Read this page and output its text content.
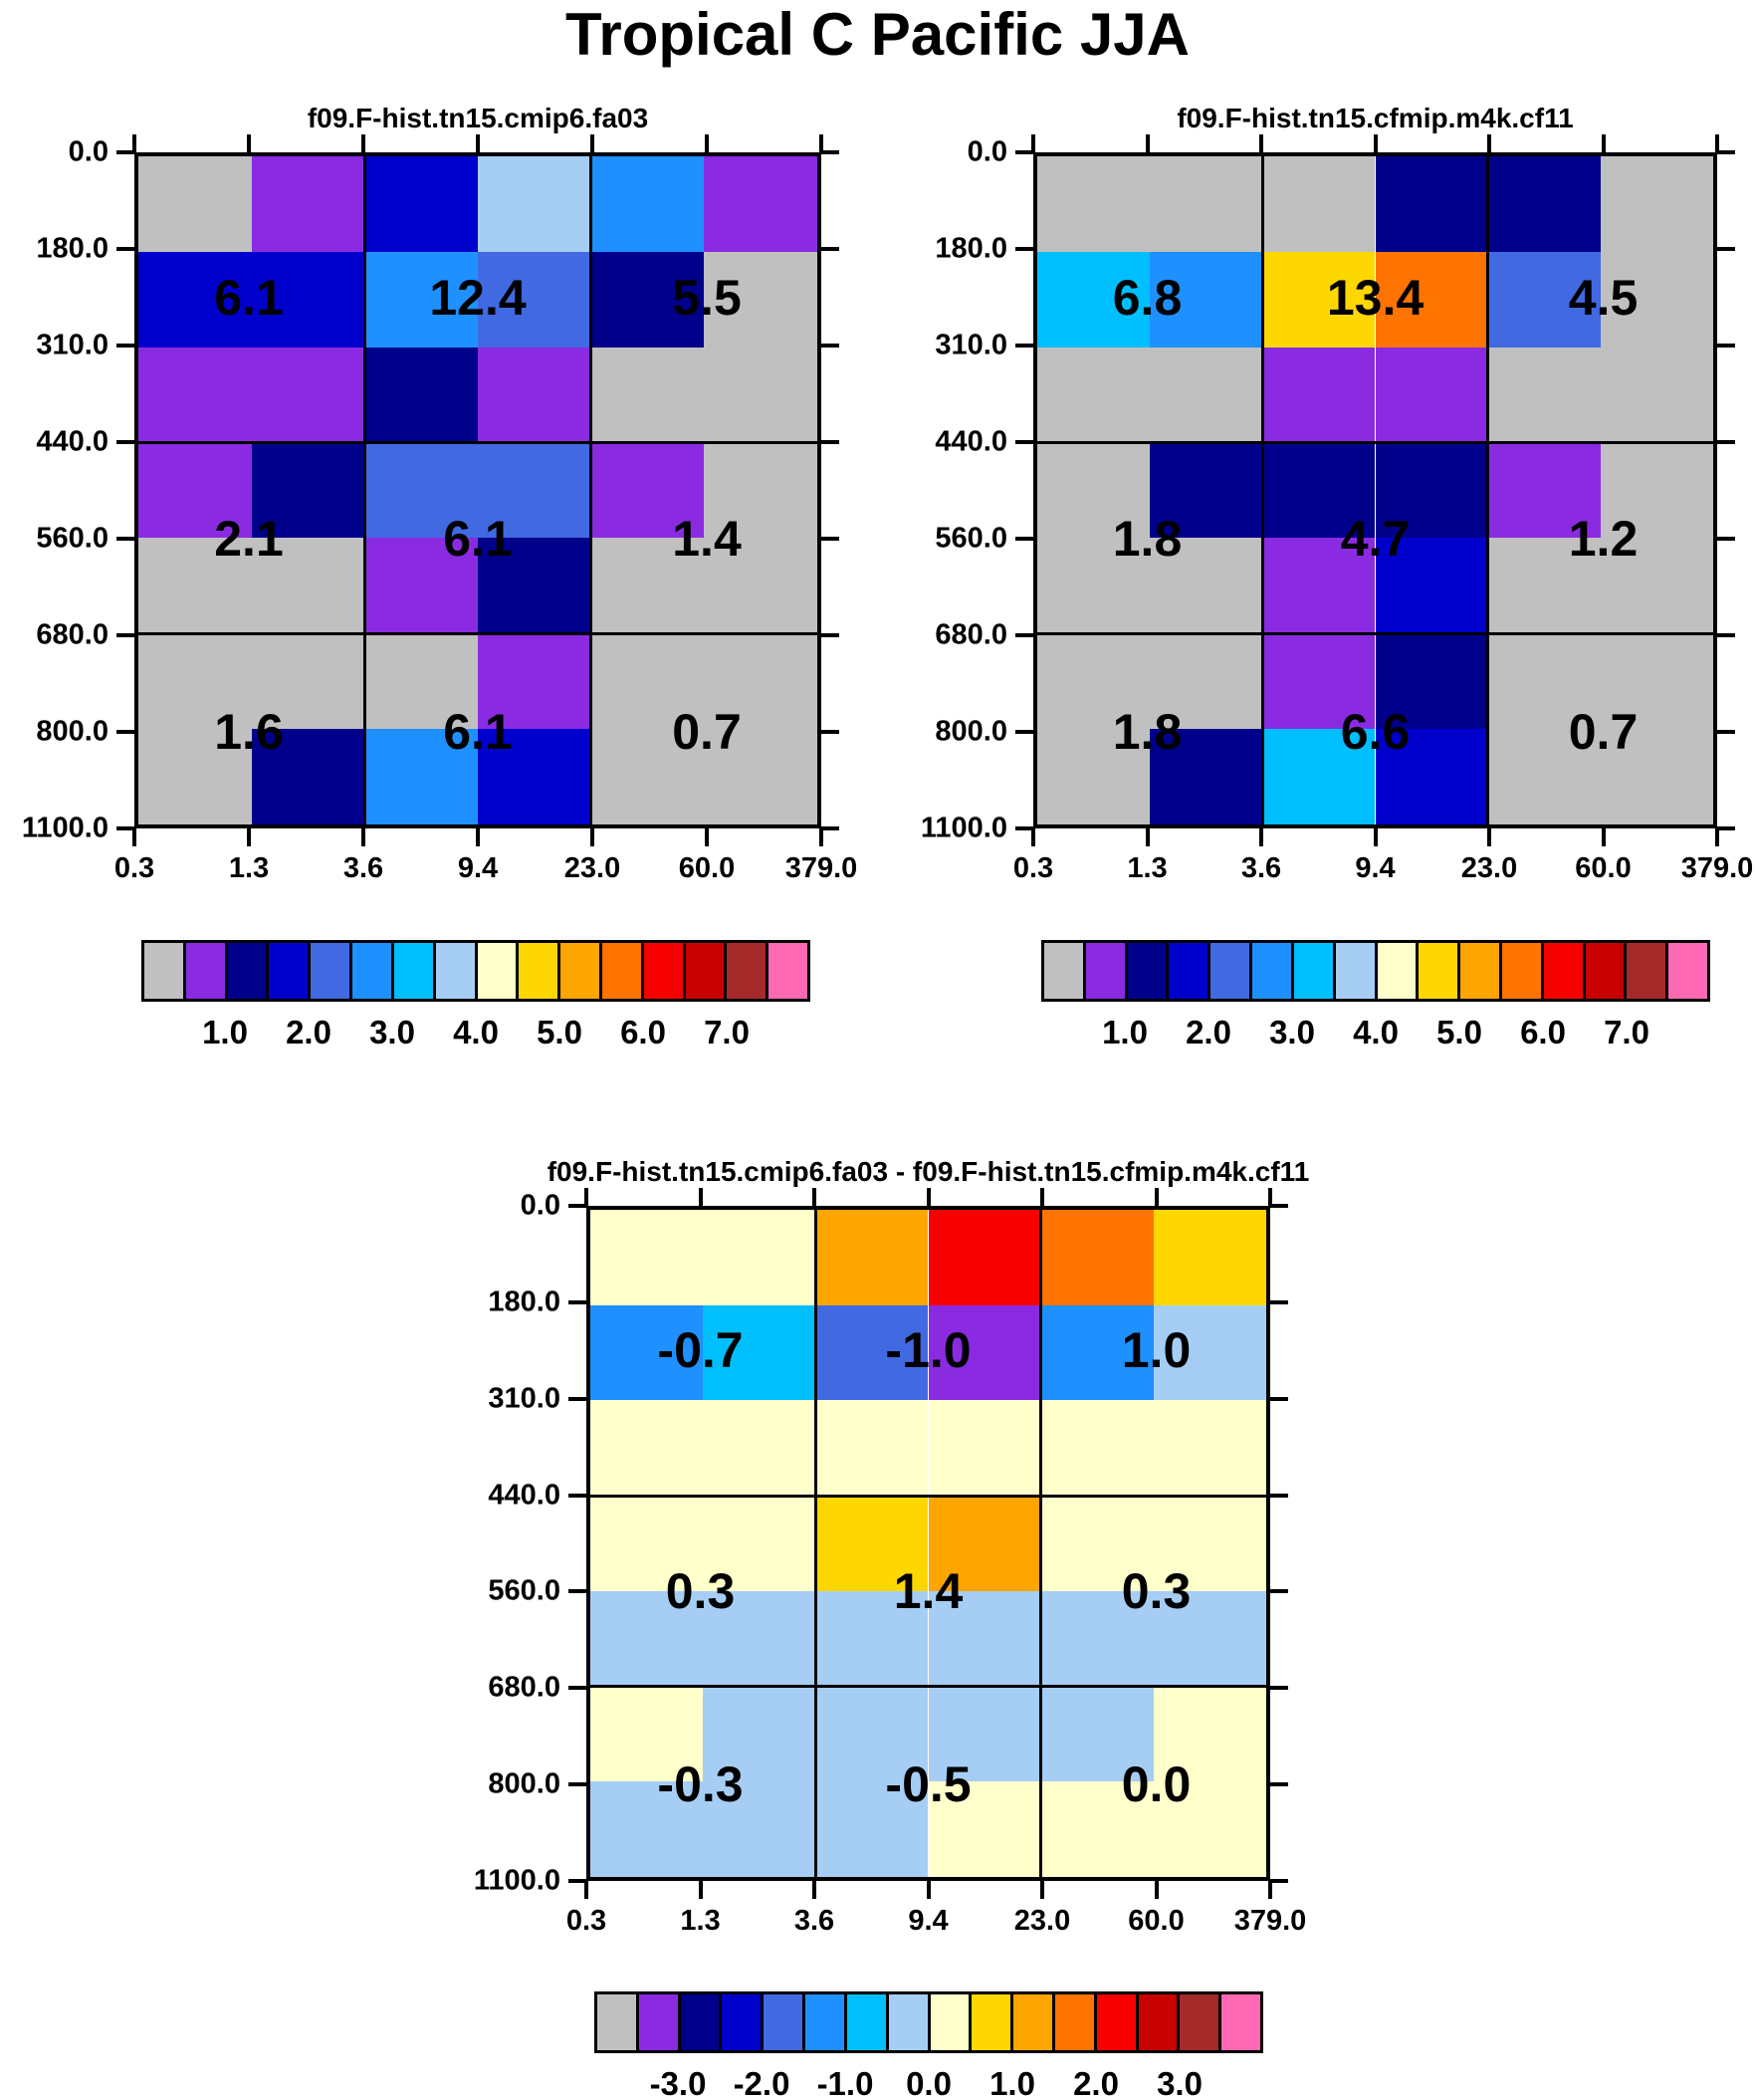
Tropical C Pacific JJA
f09.F-hist.tn15.cmip6.fa03
0.3	1.3	3.6	9.4 23.0 60.0 379.0
0.0
180.0
310.0
440.0
560.0
680.0
800.0
1100.0
6.1	12.4	5.5
2.1	6.1	1.4
1.6	6.1	0.7
1.0 2.0 3.0 4.0 5.0 6.0 7.0
f09.F-hist.tn15.cfmip.m4k.cf11
0.3	1.3	3.6	9.4 23.0 60.0 379.0
0.0
180.0
310.0
440.0
560.0
680.0
800.0
1100.0
6.8	13.4	4.5
1.8	4.7	1.2
1.8	6.6	0.7
1.0 2.0 3.0 4.0 5.0 6.0 7.0
f09.F-hist.tn15.cmip6.fa03 - f09.F-hist.tn15.cfmip.m4k.cf11
0.3	1.3	3.6	9.4 23.0 60.0 379.0
0.0
180.0
310.0
440.0
560.0
680.0
800.0
1100.0
-0.7	-1.0	1.0
0.3	1.4	0.3
-0.3	-0.5	0.0
-3.0 -2.0 -1.0 0.0 1.0 2.0 3.0
